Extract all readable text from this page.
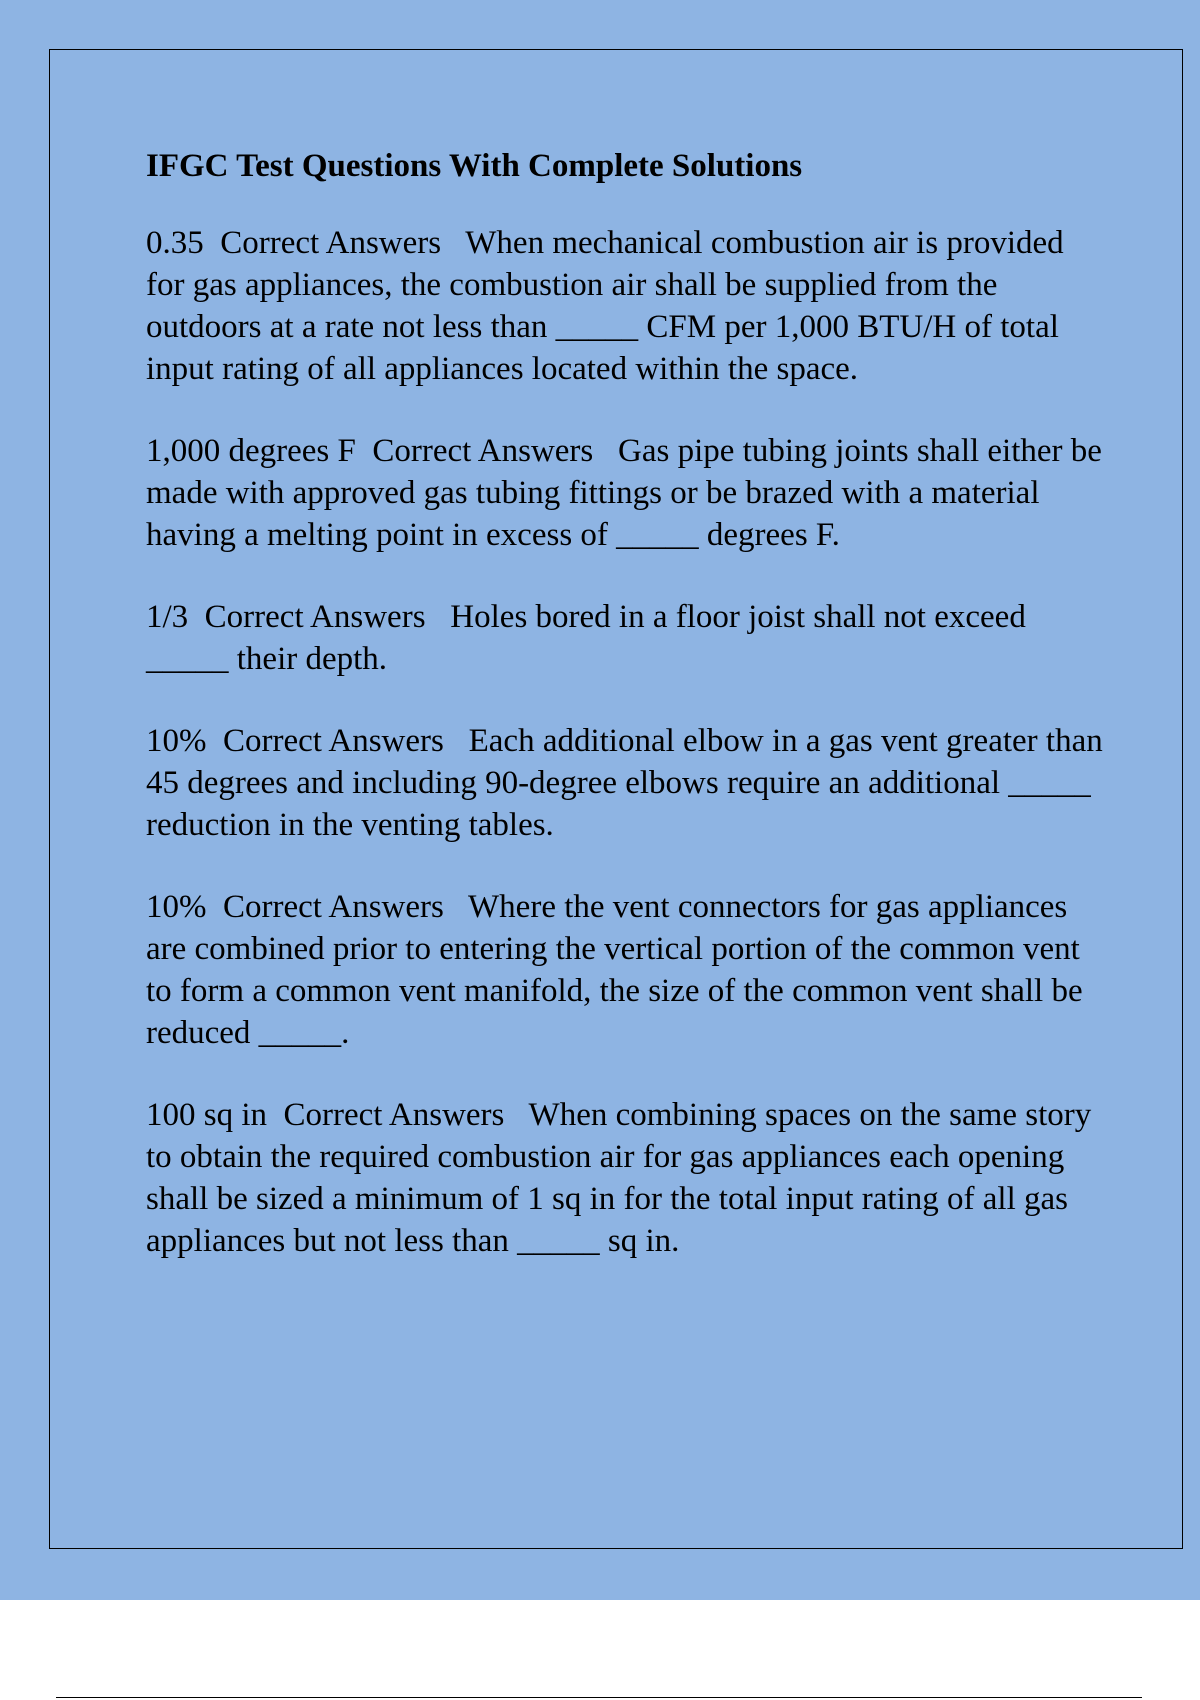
IFGC Test Questions With Complete Solutions
0.35 Correct Answers When mechanical combustion air is provided for gas appliances, the combustion air shall be supplied from the outdoors at a rate not less than _____ CFM per 1,000 BTU/H of total input rating of all appliances located within the space.
1,000 degrees F Correct Answers Gas pipe tubing joints shall either be made with approved gas tubing fittings or be brazed with a material having a melting point in excess of _____ degrees F.
1/3 Correct Answers Holes bored in a floor joist shall not exceed _____ their depth.
10% Correct Answers Each additional elbow in a gas vent greater than 45 degrees and including 90-degree elbows require an additional _____ reduction in the venting tables.
10% Correct Answers Where the vent connectors for gas appliances are combined prior to entering the vertical portion of the common vent to form a common vent manifold, the size of the common vent shall be reduced _____.
100 sq in Correct Answers When combining spaces on the same story to obtain the required combustion air for gas appliances each opening shall be sized a minimum of 1 sq in for the total input rating of all gas appliances but not less than _____ sq in.
